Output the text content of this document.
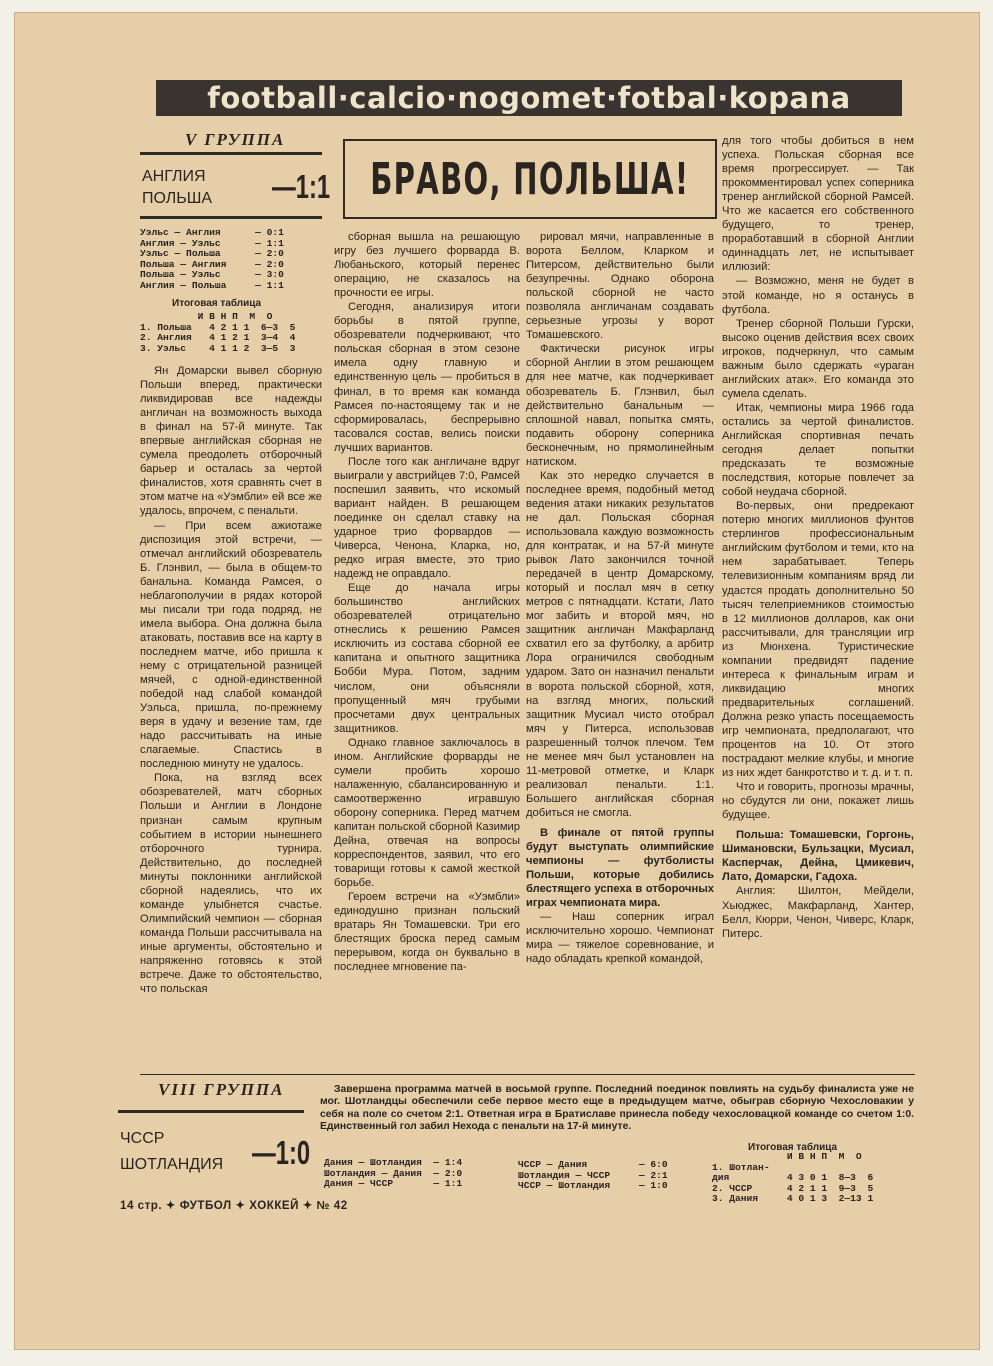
football·calcio·nogomet·fotbal·kopana
V ГРУППА
АНГЛИЯ
ПОЛЬША —1:1
Уэльс — Англия      — 0:1
Англия — Уэльс      — 1:1
Уэльс — Польша      — 2:0
Польша — Англия     — 2:0
Польша — Уэльс      — 3:0
Англия — Польша     — 1:1
Итоговая таблица
И В Н П  М  О
1. Польша   4 2 1 1  6—3  5
2. Англия   4 1 2 1  3—4  4
3. Уэльс    4 1 1 2  3—5  3
БРАВО, ПОЛЬША!

Ян Домарски вывел сборную Польши вперед, практически ликвидировав все надежды англичан на возможность выхода в финал на 57-й минуте. Так впервые английская сборная не сумела преодолеть отборочный барьер и осталась за чертой финалистов, хотя сравнять счет в этом матче на «Уэмбли» ей все же удалось, впрочем, с пенальти.

— При всем ажиотаже диспозиция этой встречи, — отмечал английский обозреватель Б. Глэнвил, — была в общем-то банальна. Команда Рамсея, о неблагополучии в рядах которой мы писали три года подряд, не имела выбора. Она должна была атаковать, поставив все на карту в последнем матче, ибо пришла к нему с отрицательной разницей мячей, с одной-единственной победой над слабой командой Уэльса, пришла, по-прежнему веря в удачу и везение там, где надо рассчитывать на иные слагаемые. Спастись в последнюю минуту не удалось.

Пока, на взгляд всех обозревателей, матч сборных Польши и Англии в Лондоне признан самым крупным событием в истории нынешнего отборочного турнира. Действительно, до последней минуты поклонники английской сборной надеялись, что их команде улыбнется счастье. Олимпийский чемпион — сборная команда Польши рассчитывала на иные аргументы, обстоятельно и напряженно готовясь к этой встрече. Даже то обстоятельство, что польская

сборная вышла на решающую игру без лучшего форварда В. Любаньского, который перенес операцию, не сказалось на прочности ее игры.

Сегодня, анализируя итоги борьбы в пятой группе, обозреватели подчеркивают, что польская сборная в этом сезоне имела одну главную и единственную цель — пробиться в финал, в то время как команда Рамсея по-настоящему так и не сформировалась, беспрерывно тасовался состав, велись поиски лучших вариантов.

После того как англичане вдруг выиграли у австрийцев 7:0, Рамсей поспешил заявить, что искомый вариант найден. В решающем поединке он сделал ставку на ударное трио форвардов — Чиверса, Ченона, Кларка, но, редко играя вместе, это трио надежд не оправдало.

Еще до начала игры большинство английских обозревателей отрицательно отнеслись к решению Рамсея исключить из состава сборной ее капитана и опытного защитника Бобби Мура. Потом, задним числом, они объясняли пропущенный мяч грубыми просчетами двух центральных защитников.

Однако главное заключалось в ином. Английские форварды не сумели пробить хорошо налаженную, сбалансированную и самоотверженно игравшую оборону соперника. Перед матчем капитан польской сборной Казимир Дейна, отвечая на вопросы корреспондентов, заявил, что его товарищи готовы к самой жесткой борьбе.

Героем встречи на «Уэмбли» единодушно признан польский вратарь Ян Томашевски. Три его блестящих броска перед самым перерывом, когда он буквально в последнее мгновение па-

рировал мячи, направленные в ворота Беллом, Кларком и Питерсом, действительно были безупречны. Однако оборона польской сборной не часто позволяла англичанам создавать серьезные угрозы у ворот Томашевского.

Фактически рисунок игры сборной Англии в этом решающем для нее матче, как подчеркивает обозреватель Б. Глэнвил, был действительно банальным — сплошной навал, попытка смять, подавить оборону соперника бесконечным, но прямолинейным натиском.

Как это нередко случается в последнее время, подобный метод ведения атаки никаких результатов не дал. Польская сборная использовала каждую возможность для контратак, и на 57-й минуте рывок Лато закончился точной передачей в центр Домарскому, который и послал мяч в сетку метров с пятнадцати. Кстати, Лато мог забить и второй мяч, но защитник англичан Макфарланд схватил его за футболку, а арбитр Лора ограничился свободным ударом. Зато он назначил пенальти в ворота польской сборной, хотя, на взгляд многих, польский защитник Мусиал чисто отобрал мяч у Питерса, использовав разрешенный толчок плечом. Тем не менее мяч был установлен на 11-метровой отметке, и Кларк реализовал пенальти. 1:1. Большего английская сборная добиться не смогла.

В финале от пятой группы будут выступать олимпийские чемпионы — футболисты Польши, которые добились блестящего успеха в отборочных играх чемпионата мира.

— Наш соперник играл исключительно хорошо. Чемпионат мира — тяжелое соревнование, и надо обладать крепкой командой,

для того чтобы добиться в нем успеха. Польская сборная все время прогрессирует. — Так прокомментировал успех соперника тренер английской сборной Рамсей. Что же касается его собственного будущего, то тренер, проработавший в сборной Англии одиннадцать лет, не испытывает иллюзий:

— Возможно, меня не будет в этой команде, но я останусь в футбола.

Тренер сборной Польши Гурски, высоко оценив действия всех своих игроков, подчеркнул, что самым важным было сдержать «ураган английских атак». Его команда это сумела сделать.

Итак, чемпионы мира 1966 года остались за чертой финалистов. Английская спортивная печать сегодня делает попытки предсказать те возможные последствия, которые повлечет за собой неудача сборной.

Во-первых, они предрекают потерю многих миллионов фунтов стерлингов профессиональным английским футболом и теми, кто на нем зарабатывает. Теперь телевизионным компаниям вряд ли удастся продать дополнительно 50 тысяч телеприемников стоимостью в 12 миллионов долларов, как они рассчитывали, для трансляции игр из Мюнхена. Туристические компании предвидят падение интереса к финальным играм и ликвидацию многих предварительных соглашений. Должна резко упасть посещаемость игр чемпионата, предполагают, что процентов на 10. От этого пострадают мелкие клубы, и многие из них ждет банкротство и т. д. и т. п.

Что и говорить, прогнозы мрачны, но сбудутся ли они, покажет лишь будущее.

Польша: Томашевски, Горгонь, Шимановски, Бульзацки, Мусиал, Касперчак, Дейна, Цмикевич, Лато, Домарски, Гадоха.

Англия: Шилтон, Мейдели, Хьюджес, Макфарланд, Хантер, Белл, Кюрри, Ченон, Чиверс, Кларк, Питерс.

VIII ГРУППА
ЧССР
ШОТЛАНДИЯ —1:0

Завершена программа матчей в восьмой группе. Последний поединок повлиять на судьбу финалиста уже не мог. Шотландцы обеспечили себе первое место еще в предыдущем матче, обыграв сборную Чехословакии у себя на поле со счетом 2:1. Ответная игра в Братиславе принесла победу чехословацкой команде со счетом 1:0. Единственный гол забил Нехода с пенальти на 17-й минуте.

Дания — Шотландия  — 1:4
Шотландия — Дания  — 2:0
Дания — ЧССР       — 1:1
ЧССР — Дания         — 6:0
Шотландия — ЧССР     — 2:1
ЧССР — Шотландия     — 1:0
Итоговая таблица
И В Н П  М  О
1. Шотлан-
дия          4 3 0 1  8—3  6
2. ЧССР      4 2 1 1  9—3  5
3. Дания     4 0 1 3  2—13 1
14 стр. ✦ ФУТБОЛ ✦ ХОККЕЙ ✦ № 42
